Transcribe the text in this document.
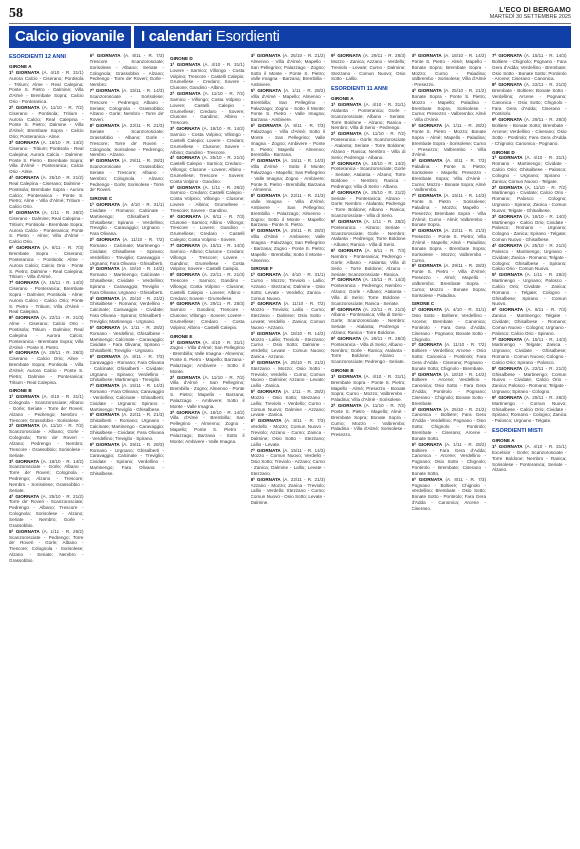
58	L'ECO DI BERGAMO
MARTEDÌ 30 SETTEMBRE 2025
Calcio giovanile I calendari Esordienti
ESORDIENTI 12 ANNI
GIRONE A
1ª GIORNATA (A. 4/10 - R. 31/1) Aurora Calcio - Ciserano; Pontisola - Tritium; Alme - Real Calepina; Ponte S. Pietro - Dalmine; Villa d'Almè - Brembate Sopra; Calcio Orio - Ponteranica.
2ª GIORNATA (A. 11/10 - R. 7/2) Ciserano - Pontisola; Tritium - Aurora Calcio; Real Calepina - Ponte S. Pietro; Dalmine - Villa d'Almè; Brembate Sopra - Calcio Orio; Ponteranica - Alme.
3ª GIORNATA (A. 18/10 - R. 14/2) Ciserano - Tritium; Pontisola - Real Calepina; Aurora Calcio - Dalmine; Ponte S. Pietro - Brembate Sopra; Villa d'Almè - Ponteranica; Calcio Orio - Alme.
4ª GIORNATA (A. 25/10 - R. 21/2) Real Calepina - Ciserano; Dalmine - Pontisola; Brembate Sopra - Aurora Calcio; Ponteranica - Ponte S. Pietro; Alme - Villa d'Almè; Tritium - Calcio Orio.
5ª GIORNATA (A. 1/11 - R. 28/2) Ciserano - Dalmine; Real Calepina - Tritium; Pontisola - Brembate Sopra; Aurora Calcio - Ponteranica; Ponte S. Pietro - Alme; Villa d'Almè - Calcio Orio.
6ª GIORNATA (A. 8/11 - R. 7/3) Brembate Sopra - Ciserano; Ponteranica - Pontisola; Alme - Aurora Calcio; Calcio Orio - Ponte S. Pietro; Dalmine - Real Calepina; Tritium - Villa d'Almè.
7ª GIORNATA (A. 15/11 - R. 14/3) Ciserano - Ponteranica; Brembate Sopra - Dalmine; Pontisola - Alme; Aurora Calcio - Calcio Orio; Ponte S. Pietro - Tritium; Villa d'Almè - Real Calepina.
8ª GIORNATA (A. 22/11 - R. 21/3) Alme - Ciserano; Calcio Orio - Pontisola; Tritium - Dalmine; Real Calepina - Aurora Calcio; Ponteranica - Brembate Sopra; Villa d'Almè - Ponte S. Pietro.
9ª GIORNATA (A. 29/11 - R. 28/3) Ciserano - Calcio Orio; Alme - Brembate Sopra; Pontisola - Villa d'Almè; Aurora Calcio - Ponte S. Pietro; Dalmine - Ponteranica; Tritium - Real Calepina.
GIRONE B
1ª GIORNATA (A. 4/10 - R. 31/1) Colognola - Scanzorosciate; Albano - Gorle; Seriate - Torre de' Roveri; Alzano - Pedrengo; Nembro - Trescore; Grassobbio - Sorisolese.
2ª GIORNATA (A. 11/10 - R. 7/2) Scanzorosciate - Albano; Gorle - Colognola; Torre de' Roveri - Alzano; Pedrengo - Nembro; Trescore - Grassobbio; Sorisolese - Seriate.
3ª GIORNATA (A. 18/10 - R. 14/2) Scanzorosciate - Gorle; Albano - Torre de' Roveri; Colognola - Pedrengo; Alzano - Trescore; Nembro - Sorisolese; Grassobbio - Seriate.
4ª GIORNATA (A. 25/10 - R. 21/2) Torre de' Roveri - Scanzorosciate; Pedrengo - Albano; Trescore - Colognola; Sorisolese - Alzano; Seriate - Nembro; Gorle - Grassobbio.
5ª GIORNATA (A. 1/11 - R. 28/2) Scanzorosciate - Pedrengo; Torre de' Roveri - Gorle; Albano - Trescore; Colognola - Sorisolese; Alzano - Seriate; Nembro - Grassobbio.
6ª GIORNATA (A. 8/11 - R. 7/3) Trescore - Scanzorosciate; Sorisolese - Albano; Seriate - Colognola; Grassobbio - Alzano; Pedrengo - Torre de' Roveri; Gorle - Nembro.
7ª GIORNATA (A. 15/11 - R. 14/3) Scanzorosciate - Sorisolese; Trescore - Pedrengo; Albano - Seriate; Colognola - Grassobbio; Alzano - Gorle; Nembro - Torre de' Roveri.
8ª GIORNATA (A. 22/11 - R. 21/3) Seriate - Scanzorosciate; Grassobbio - Albano; Gorle - Trescore; Torre de' Roveri - Colognola; Sorisolese - Pedrengo; Nembro - Alzano.
9ª GIORNATA (A. 29/11 - R. 28/3) Scanzorosciate - Grassobbio; Seriate - Trescore; Albano - Nembro; Colognola - Alzano; Pedrengo - Gorle; Sorisolese - Torre de' Roveri.
GIRONE C
1ª GIORNATA (A. 4/10 - R. 31/1) Cividate - Romano; Calcinate - Martinengo; Ghisalberti - Ghisalbese; Spirano - Verdellino; Treviglio - Caravaggio; Urgnano - Fara Olivana.
2ª GIORNATA (A. 11/10 - R. 7/2) Romano - Calcinate; Martinengo - Cividate; Ghisalbese - Spirano; Verdellino - Treviglio; Caravaggio - Urgnano; Fara Olivana - Ghisalberti.
3ª GIORNATA (A. 18/10 - R. 14/2) Romano - Martinengo; Calcinate - Ghisalbese; Cividate - Verdellino; Spirano - Caravaggio; Treviglio - Fara Olivana; Urgnano - Ghisalberti.
4ª GIORNATA (A. 25/10 - R. 21/2) Ghisalbese - Romano; Verdellino - Calcinate; Caravaggio - Cividate; Fara Olivana - Spirano; Ghisalberti - Treviglio; Martinengo - Urgnano.
5ª GIORNATA (A. 1/11 - R. 28/2) Romano - Verdellino; Ghisalbese - Martinengo; Calcinate - Caravaggio; Cividate - Fara Olivana; Spirano - Ghisalberti; Treviglio - Urgnano.
6ª GIORNATA (A. 8/11 - R. 7/3) Caravaggio - Romano; Fara Olivana - Calcinate; Ghisalberti - Cividate; Urgnano - Spirano; Verdellino - Ghisalbese; Martinengo - Treviglio.
7ª GIORNATA (A. 15/11 - R. 14/3) Romano - Fara Olivana; Caravaggio - Verdellino; Calcinate - Ghisalberti; Cividate - Urgnano; Spirano - Martinengo; Treviglio - Ghisalbese.
8ª GIORNATA (A. 22/11 - R. 21/3) Ghisalberti - Romano; Urgnano - Calcinate; Martinengo - Caravaggio; Ghisalbese - Cividate; Fara Olivana - Verdellino; Treviglio - Spirano.
9ª GIORNATA (A. 29/11 - R. 28/3) Romano - Urgnano; Ghisalberti - Caravaggio; Calcinate - Treviglio; Cividate - Spirano; Verdellino - Martinengo; Fara Olivana - Ghisalbese.
GIRONE D
1ª GIORNATA (A. 4/10 - R. 31/1) Lovere - Sarnico; Villongo - Costa Volpino; Trescore - Castelli Calepio; Grumellese - Credaro; Sovere - Clusone; Gandino - Albino.
2ª GIORNATA (A. 11/10 - R. 7/2) Sarnico - Villongo; Costa Volpino - Lovere; Castelli Calepio - Grumellese; Credaro - Sovere; Clusone - Gandino; Albino - Trescore.
3ª GIORNATA (A. 18/10 - R. 14/2) Sarnico - Costa Volpino; Villongo - Castelli Calepio; Lovere - Credaro; Grumellese - Clusone; Sovere - Albino; Gandino - Trescore.
4ª GIORNATA (A. 25/10 - R. 21/2) Castelli Calepio - Sarnico; Credaro - Villongo; Clusone - Lovere; Albino - Grumellese; Trescore - Sovere; Costa Volpino - Gandino.
5ª GIORNATA (A. 1/11 - R. 28/2) Sarnico - Credaro; Castelli Calepio - Costa Volpino; Villongo - Clusone; Lovere - Albino; Grumellese - Trescore; Sovere - Gandino.
6ª GIORNATA (A. 8/11 - R. 7/3) Clusone - Sarnico; Albino - Villongo; Trescore - Lovere; Gandino - Grumellese; Credaro - Castelli Calepio; Costa Volpino - Sovere.
7ª GIORNATA (A. 15/11 - R. 14/3) Sarnico - Albino; Clusone - Credaro; Villongo - Trescore; Lovere - Gandino; Grumellese - Costa Volpino; Sovere - Castelli Calepio.
8ª GIORNATA (A. 22/11 - R. 21/3) Trescore - Sarnico; Gandino - Villongo; Costa Volpino - Clusone; Castelli Calepio - Lovere; Albino - Credaro; Sovere - Grumellese.
9ª GIORNATA (A. 29/11 - R. 28/3) Sarnico - Gandino; Trescore - Clusone; Villongo - Sovere; Lovere - Grumellese; Credaro - Costa Volpino; Albino - Castelli Calepio.
GIRONE E
1ª GIORNATA (A. 4/10 - R. 31/1) Zogno - Villa d'Almè; San Pellegrino - Brembilla; Valle Imagna - Almenno; Ponte S. Pietro - Mapello; Barzana - Palazzago; Ambivere - Sotto il Monte.
2ª GIORNATA (A. 11/10 - R. 7/2) Villa d'Almè - San Pellegrino; Brembilla - Zogno; Almenno - Ponte S. Pietro; Mapello - Barzana; Palazzago - Ambivere; Sotto il Monte - Valle Imagna.
3ª GIORNATA (A. 18/10 - R. 14/2) Villa d'Almè - Brembilla; San Pellegrino - Almenno; Zogno - Mapello; Ponte S. Pietro - Palazzago; Barzana - Sotto il Monte; Ambivere - Valle Imagna.
4ª GIORNATA (A. 25/10 - R. 21/2) Almenno - Villa d'Almè; Mapello - San Pellegrino; Palazzago - Zogno; Sotto il Monte - Ponte S. Pietro; Valle Imagna - Barzana; Brembilla - Ambivere.
5ª GIORNATA (A. 1/11 - R. 28/2) Villa d'Almè - Mapello; Almenno - Brembilla; San Pellegrino - Palazzago; Zogno - Sotto il Monte; Ponte S. Pietro - Valle Imagna; Barzana - Ambivere.
6ª GIORNATA (A. 8/11 - R. 7/3) Palazzago - Villa d'Almè; Sotto il Monte - San Pellegrino; Valle Imagna - Zogno; Ambivere - Ponte S. Pietro; Mapello - Almenno; Brembilla - Barzana.
7ª GIORNATA (A. 15/11 - R. 14/3) Villa d'Almè - Sotto il Monte; Palazzago - Mapello; San Pellegrino - Valle Imagna; Zogno - Ambivere; Ponte S. Pietro - Brembilla; Barzana - Almenno.
8ª GIORNATA (A. 22/11 - R. 21/3) Valle Imagna - Villa d'Almè; Ambivere - San Pellegrino; Brembilla - Palazzago; Almenno - Zogno; Sotto il Monte - Mapello; Barzana - Ponte S. Pietro.
9ª GIORNATA (A. 29/11 - R. 28/3) Villa d'Almè - Ambivere; Valle Imagna - Palazzago; San Pellegrino - Barzana; Zogno - Ponte S. Pietro; Mapello - Brembilla; Sotto il Monte - Almenno.
GIRONE F
1ª GIORNATA (A. 4/10 - R. 31/1) Curno - Mozzo; Treviolo - Lallio; Azzano - Stezzano; Dalmine - Osio Sotto; Levate - Verdello; Zanica - Comun Nuovo.
2ª GIORNATA (A. 11/10 - R. 7/2) Mozzo - Treviolo; Lallio - Curno; Stezzano - Dalmine; Osio Sotto - Levate; Verdello - Zanica; Comun Nuovo - Azzano.
3ª GIORNATA (A. 18/10 - R. 14/2) Mozzo - Lallio; Treviolo - Stezzano; Curno - Osio Sotto; Dalmine - Verdello; Levate - Comun Nuovo; Zanica - Azzano.
4ª GIORNATA (A. 25/10 - R. 21/2) Stezzano - Mozzo; Osio Sotto - Treviolo; Verdello - Curno; Comun Nuovo - Dalmine; Azzano - Levate; Lallio - Zanica.
5ª GIORNATA (A. 1/11 - R. 28/2) Mozzo - Osio Sotto; Stezzano - Lallio; Treviolo - Verdello; Curno - Comun Nuovo; Dalmine - Azzano; Levate - Zanica.
6ª GIORNATA (A. 8/11 - R. 7/3) Verdello - Mozzo; Comun Nuovo - Treviolo; Azzano - Curno; Zanica - Dalmine; Osio Sotto - Stezzano; Lallio - Levate.
7ª GIORNATA (A. 15/11 - R. 14/3) Mozzo - Comun Nuovo; Verdello - Osio Sotto; Treviolo - Azzano; Curno - Zanica; Dalmine - Lallio; Levate - Stezzano.
8ª GIORNATA (A. 22/11 - R. 21/3) Azzano - Mozzo; Zanica - Treviolo; Lallio - Verdello; Stezzano - Curno; Comun Nuovo - Osio Sotto; Levate - Dalmine.
9ª GIORNATA (A. 29/11 - R. 28/3) Mozzo - Zanica; Azzano - Verdello; Treviolo - Levate; Curno - Dalmine; Stezzano - Comun Nuovo; Osio Sotto - Lallio.
ESORDIENTI 11 ANNI
GIRONE A
1ª GIORNATA (A. 4/10 - R. 31/1) Atalanta - Ponteranica; Gorle - Scanzorosciate; Albano - Seriate; Torre Boldone - Alzano; Ranica - Nembro; Villa di Serio - Pedrengo.
2ª GIORNATA (A. 11/10 - R. 7/2) Ponteranica - Gorle; Scanzorosciate - Atalanta; Seriate - Torre Boldone; Alzano - Ranica; Nembro - Villa di Serio; Pedrengo - Albano.
3ª GIORNATA (A. 18/10 - R. 14/2) Ponteranica - Scanzorosciate; Gorle - Seriate; Atalanta - Alzano; Torre Boldone - Nembro; Ranica - Pedrengo; Villa di Serio - Albano.
4ª GIORNATA (A. 25/10 - R. 21/2) Seriate - Ponteranica; Alzano - Gorle; Nembro - Atalanta; Pedrengo - Torre Boldone; Albano - Ranica; Scanzorosciate - Villa di Serio.
5ª GIORNATA (A. 1/11 - R. 28/2) Ponteranica - Alzano; Seriate - Scanzorosciate; Gorle - Nembro; Atalanta - Pedrengo; Torre Boldone - Albano; Ranica - Villa di Serio.
6ª GIORNATA (A. 8/11 - R. 7/3) Nembro - Ponteranica; Pedrengo - Gorle; Albano - Atalanta; Villa di Serio - Torre Boldone; Alzano - Seriate; Scanzorosciate - Ranica.
7ª GIORNATA (A. 15/11 - R. 14/3) Ponteranica - Pedrengo; Nembro - Alzano; Gorle - Albano; Atalanta - Villa di Serio; Torre Boldone - Scanzorosciate; Ranica - Seriate.
8ª GIORNATA (A. 22/11 - R. 21/3) Albano - Ponteranica; Villa di Serio - Gorle; Scanzorosciate - Nembro; Seriate - Atalanta; Pedrengo - Alzano; Ranica - Torre Boldone.
9ª GIORNATA (A. 29/11 - R. 28/3) Ponteranica - Villa di Serio; Albano - Nembro; Gorle - Ranica; Atalanta - Torre Boldone; Alzano - Scanzorosciate; Pedrengo - Seriate.
GIRONE B
1ª GIORNATA (A. 4/10 - R. 31/1) Brembate Sopra - Ponte S. Pietro; Mapello - Almè; Presezzo - Bonate Sopra; Curno - Mozzo; Valbrembo - Paladina; Villa d'Almè - Sorisolese.
2ª GIORNATA (A. 11/10 - R. 7/2) Ponte S. Pietro - Mapello; Almè - Brembate Sopra; Bonate Sopra - Curno; Mozzo - Valbrembo; Paladina - Villa d'Almè; Sorisolese - Presezzo.
3ª GIORNATA (A. 18/10 - R. 14/2) Ponte S. Pietro - Almè; Mapello - Bonate Sopra; Brembate Sopra - Mozzo; Curno - Paladina; Valbrembo - Sorisolese; Villa d'Almè - Presezzo.
4ª GIORNATA (A. 25/10 - R. 21/2) Bonate Sopra - Ponte S. Pietro; Mozzo - Mapello; Paladina - Brembate Sopra; Sorisolese - Curno; Presezzo - Valbrembo; Almè - Villa d'Almè.
5ª GIORNATA (A. 1/11 - R. 28/2) Ponte S. Pietro - Mozzo; Bonate Sopra - Almè; Mapello - Paladina; Brembate Sopra - Sorisolese; Curno - Presezzo; Valbrembo - Villa d'Almè.
6ª GIORNATA (A. 8/11 - R. 7/3) Paladina - Ponte S. Pietro; Sorisolese - Mapello; Presezzo - Brembate Sopra; Villa d'Almè - Curno; Mozzo - Bonate Sopra; Almè - Valbrembo.
7ª GIORNATA (A. 15/11 - R. 14/3) Ponte S. Pietro - Sorisolese; Paladina - Mozzo; Mapello - Presezzo; Brembate Sopra - Villa d'Almè; Curno - Almè; Valbrembo - Bonate Sopra.
8ª GIORNATA (A. 22/11 - R. 21/3) Presezzo - Ponte S. Pietro; Villa d'Almè - Mapello; Almè - Paladina; Bonate Sopra - Brembate Sopra; Sorisolese - Mozzo; Valbrembo - Curno.
9ª GIORNATA (A. 29/11 - R. 28/3) Ponte S. Pietro - Villa d'Almè; Presezzo - Almè; Mapello - Valbrembo; Brembate Sopra - Curno; Mozzo - Bonate Sopra; Sorisolese - Paladina.
GIRONE C
1ª GIORNATA (A. 4/10 - R. 31/1) Osio Sotto - Boltiere; Verdellino - Arcene; Brembate - Canonica; Pontirolo - Fara Gera d'Adda; Ciserano - Pognano; Bonate Sotto - Chignolo.
2ª GIORNATA (A. 11/10 - R. 7/2) Boltiere - Verdellino; Arcene - Osio Sotto; Canonica - Pontirolo; Fara Gera d'Adda - Ciserano; Pognano - Bonate Sotto; Chignolo - Brembate.
3ª GIORNATA (A. 18/10 - R. 14/2) Boltiere - Arcene; Verdellino - Canonica; Osio Sotto - Fara Gera d'Adda; Pontirolo - Pognano; Ciserano - Chignolo; Bonate Sotto - Brembate.
4ª GIORNATA (A. 25/10 - R. 21/2) Canonica - Boltiere; Fara Gera d'Adda - Verdellino; Pognano - Osio Sotto; Chignolo - Pontirolo; Brembate - Ciserano; Arcene - Bonate Sotto.
5ª GIORNATA (A. 1/11 - R. 28/2) Boltiere - Fara Gera d'Adda; Canonica - Arcene; Verdellino - Pognano; Osio Sotto - Chignolo; Pontirolo - Brembate; Ciserano - Bonate Sotto.
6ª GIORNATA (A. 8/11 - R. 7/3) Pognano - Boltiere; Chignolo - Verdellino; Brembate - Osio Sotto; Bonate Sotto - Pontirolo; Fara Gera d'Adda - Canonica; Arcene - Ciserano.
7ª GIORNATA (A. 15/11 - R. 14/3) Boltiere - Chignolo; Pognano - Fara Gera d'Adda; Verdellino - Brembate; Osio Sotto - Bonate Sotto; Pontirolo - Arcene; Ciserano - Canonica.
8ª GIORNATA (A. 22/11 - R. 21/3) Brembate - Boltiere; Bonate Sotto - Verdellino; Arcene - Pognano; Canonica - Osio Sotto; Chignolo - Fara Gera d'Adda; Ciserano - Pontirolo.
9ª GIORNATA (A. 29/11 - R. 28/3) Boltiere - Bonate Sotto; Brembate - Arcene; Verdellino - Ciserano; Osio Sotto - Pontirolo; Fara Gera d'Adda - Chignolo; Canonica - Pognano.
GIRONE D
1ª GIORNATA (A. 4/10 - R. 31/1) Romano - Martinengo; Cividate - Calcio Orio; Ghisalbese - Palosco; Cologno - Urgnano; Spirano - Zanica; Comun Nuovo - Telgate.
2ª GIORNATA (A. 11/10 - R. 7/2) Martinengo - Cividate; Calcio Orio - Romano; Palosco - Cologno; Urgnano - Spirano; Zanica - Comun Nuovo; Telgate - Ghisalbese.
3ª GIORNATA (A. 18/10 - R. 14/2) Martinengo - Calcio Orio; Cividate - Palosco; Romano - Urgnano; Cologno - Zanica; Spirano - Telgate; Comun Nuovo - Ghisalbese.
4ª GIORNATA (A. 25/10 - R. 21/2) Palosco - Martinengo; Urgnano - Cividate; Zanica - Romano; Telgate - Cologno; Ghisalbese - Spirano; Calcio Orio - Comun Nuovo.
5ª GIORNATA (A. 1/11 - R. 28/2) Martinengo - Urgnano; Palosco - Calcio Orio; Cividate - Zanica; Romano - Telgate; Cologno - Ghisalbese; Spirano - Comun Nuovo.
6ª GIORNATA (A. 8/11 - R. 7/3) Zanica - Martinengo; Telgate - Cividate; Ghisalbese - Romano; Comun Nuovo - Cologno; Urgnano - Palosco; Calcio Orio - Spirano.
7ª GIORNATA (A. 15/11 - R. 14/3) Martinengo - Telgate; Zanica - Urgnano; Cividate - Ghisalbese; Romano - Comun Nuovo; Cologno - Calcio Orio; Spirano - Palosco.
8ª GIORNATA (A. 22/11 - R. 21/3) Ghisalbese - Martinengo; Comun Nuovo - Cividate; Calcio Orio - Zanica; Palosco - Romano; Telgate - Urgnano; Spirano - Cologno.
9ª GIORNATA (A. 29/11 - R. 28/3) Martinengo - Comun Nuovo; Ghisalbese - Calcio Orio; Cividate - Spirano; Romano - Cologno; Zanica - Palosco; Urgnano - Telgate.
ESORDIENTI MISTI
GIRONE A
1ª GIORNATA (A. 4/10 - R. 31/1) Excelsior - Gorle; Scanzorosciate - Torre Boldone; Nembro - Ranica; Sorisolese - Ponteranica; Seriate - Alzano.
